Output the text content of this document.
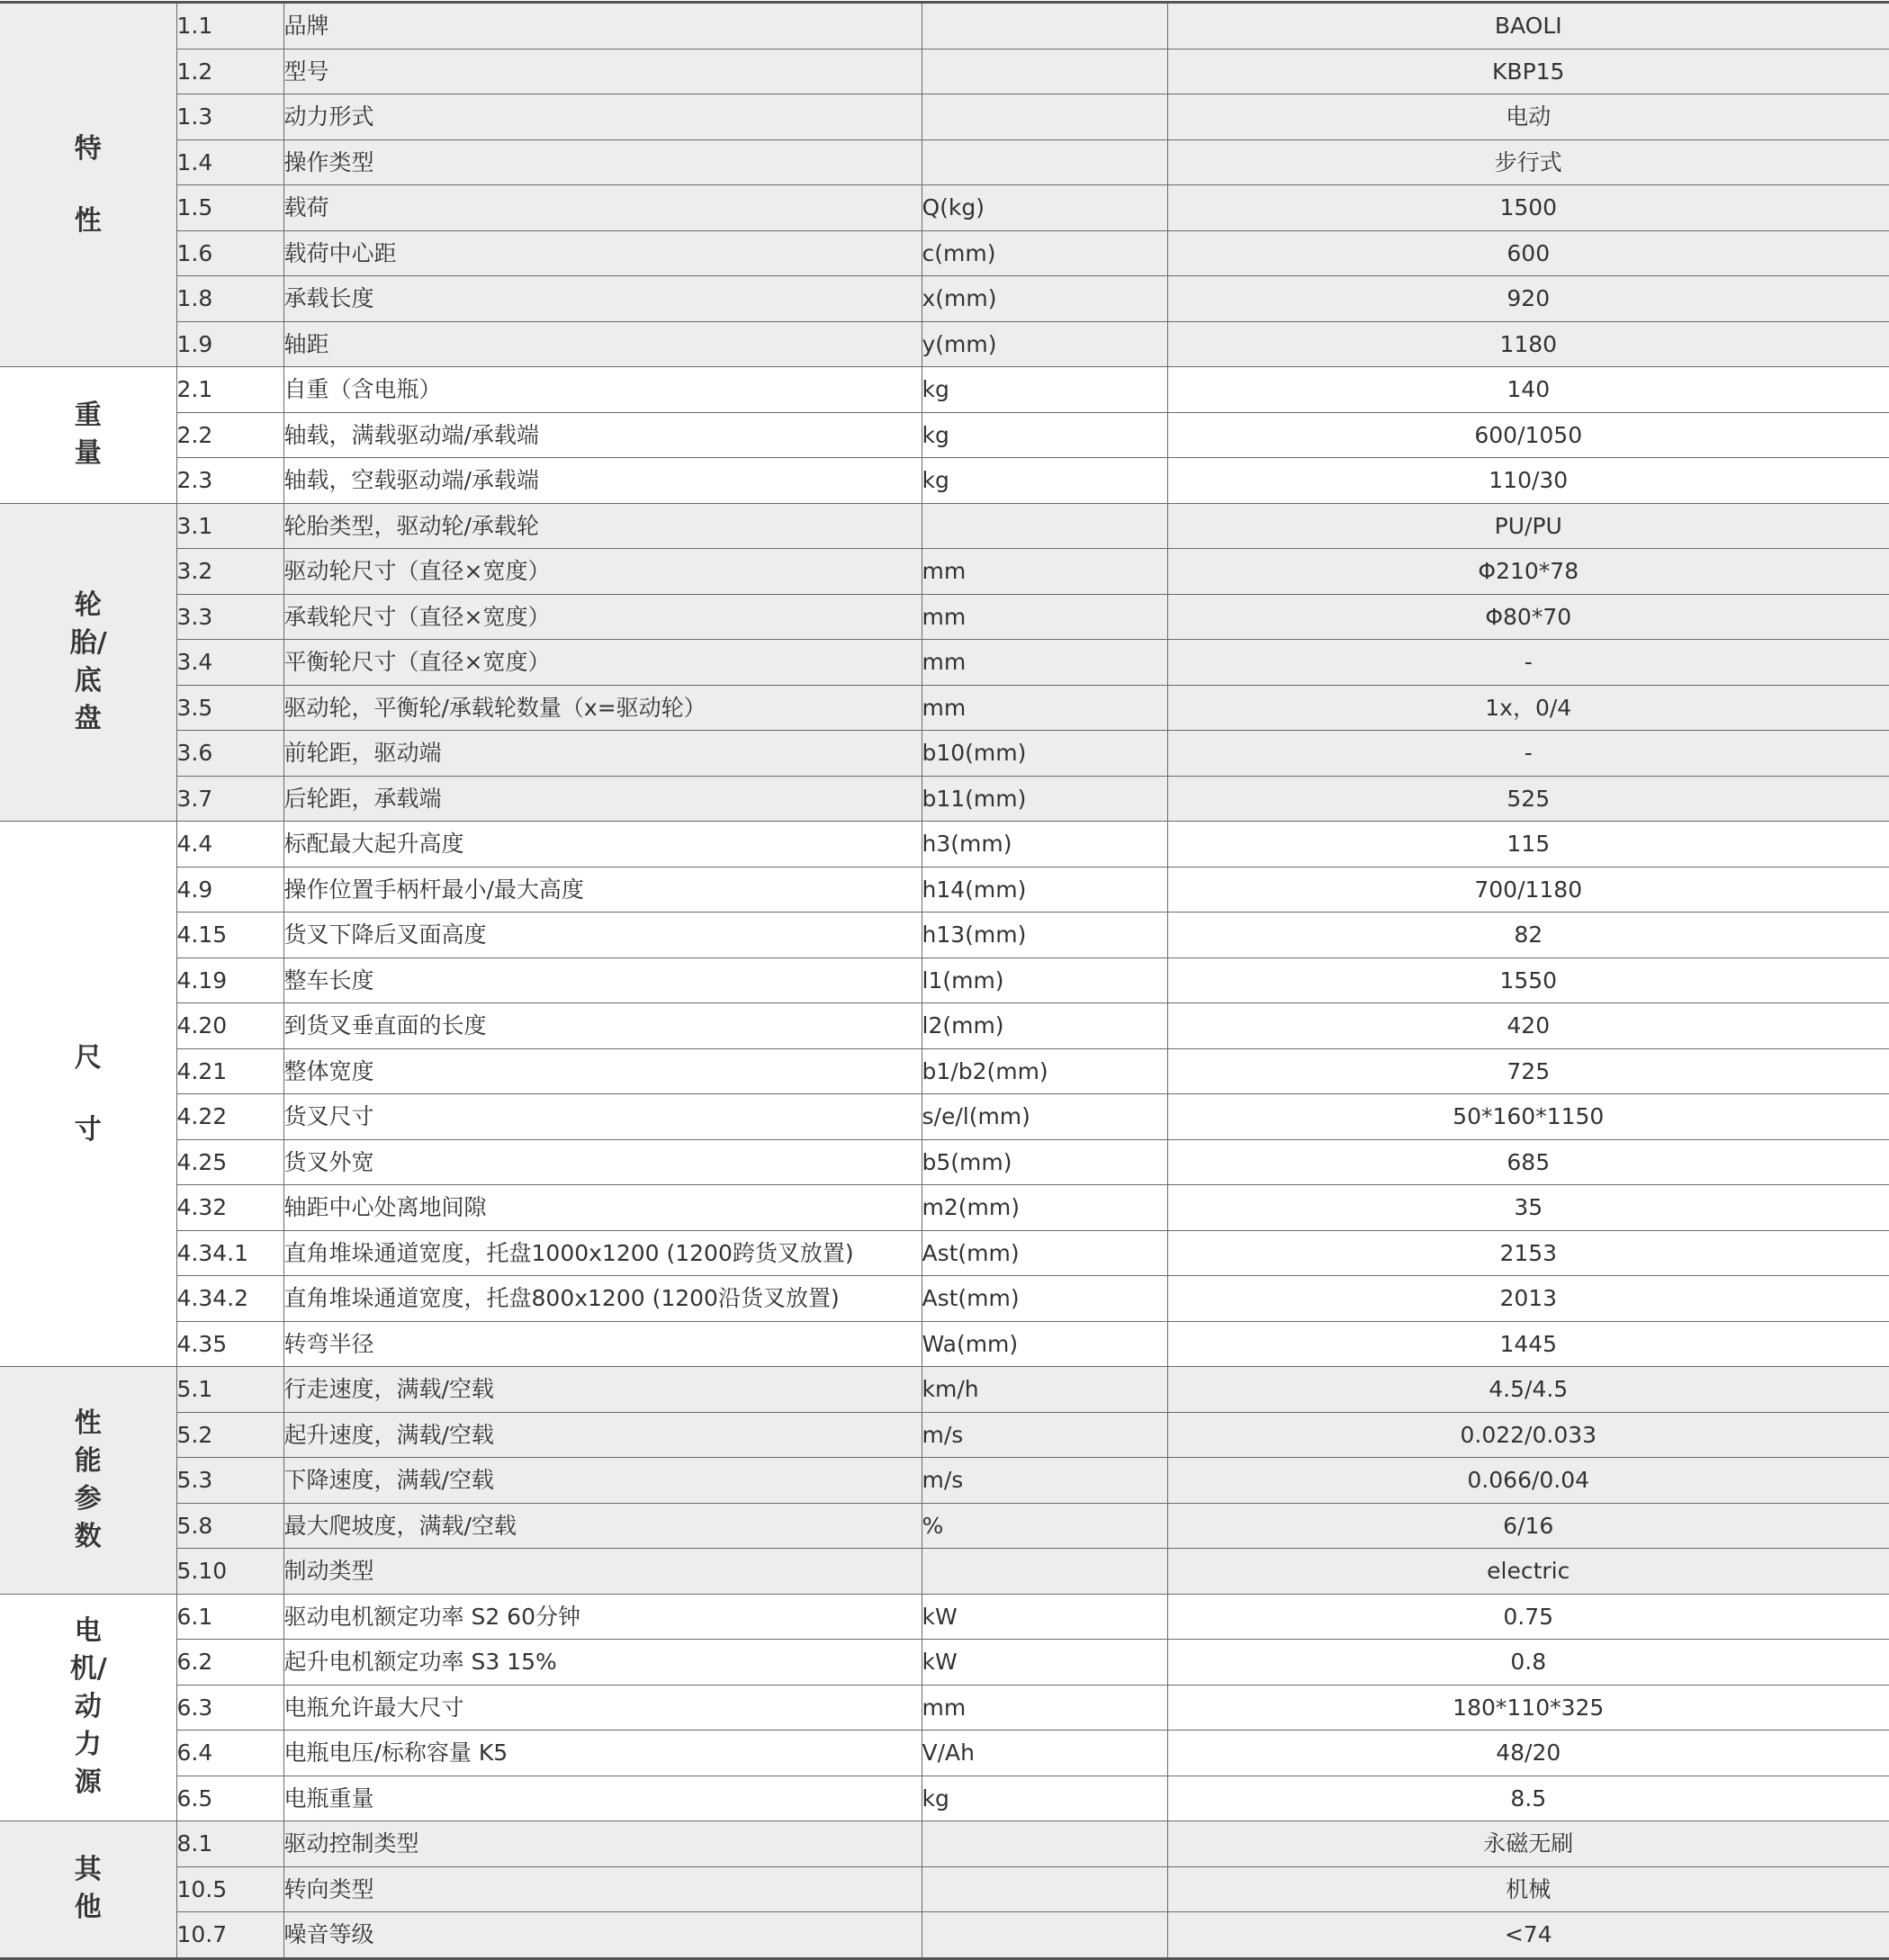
特性	1.1	品牌		BAOLI
	1.2	型号		KBP15
	1.3	动力形式		电动
	1.4	操作类型		步行式
	1.5	载荷	Q(kg)	1500
	1.6	载荷中心距	c(mm)	600
	1.8	承载长度	x(mm)	920
	1.9	轴距	y(mm)	1180
重量	2.1	自重（含电瓶）	kg	140
	2.2	轴载，满载驱动端/承载端	kg	600/1050
	2.3	轴载，空载驱动端/承载端	kg	110/30
轮胎/底盘	3.1	轮胎类型，驱动轮/承载轮		PU/PU
	3.2	驱动轮尺寸（直径×宽度）	mm	Φ210*78
	3.3	承载轮尺寸（直径×宽度）	mm	Φ80*70
	3.4	平衡轮尺寸（直径×宽度）	mm	-
	3.5	驱动轮，平衡轮/承载轮数量（x=驱动轮）	mm	1x，0/4
	3.6	前轮距，驱动端	b10(mm)	-
	3.7	后轮距，承载端	b11(mm)	525
尺寸	4.4	标配最大起升高度	h3(mm)	115
	4.9	操作位置手柄杆最小/最大高度	h14(mm)	700/1180
	4.15	货叉下降后叉面高度	h13(mm)	82
	4.19	整车长度	l1(mm)	1550
	4.20	到货叉垂直面的长度	l2(mm)	420
	4.21	整体宽度	b1/b2(mm)	725
	4.22	货叉尺寸	s/e/l(mm)	50*160*1150
	4.25	货叉外宽	b5(mm)	685
	4.32	轴距中心处离地间隙	m2(mm)	35
	4.34.1	直角堆垛通道宽度，托盘1000x1200 (1200跨货叉放置)	Ast(mm)	2153
	4.34.2	直角堆垛通道宽度，托盘800x1200 (1200沿货叉放置)	Ast(mm)	2013
	4.35	转弯半径	Wa(mm)	1445
性能参数	5.1	行走速度，满载/空载	km/h	4.5/4.5
	5.2	起升速度，满载/空载	m/s	0.022/0.033
	5.3	下降速度，满载/空载	m/s	0.066/0.04
	5.8	最大爬坡度，满载/空载	%	6/16
	5.10	制动类型		electric
电机/动力源	6.1	驱动电机额定功率 S2 60分钟	kW	0.75
	6.2	起升电机额定功率 S3 15%	kW	0.8
	6.3	电瓶允许最大尺寸	mm	180*110*325
	6.4	电瓶电压/标称容量 K5	V/Ah	48/20
	6.5	电瓶重量	kg	8.5
其他	8.1	驱动控制类型		永磁无刷
	10.5	转向类型		机械
	10.7	噪音等级		<74
